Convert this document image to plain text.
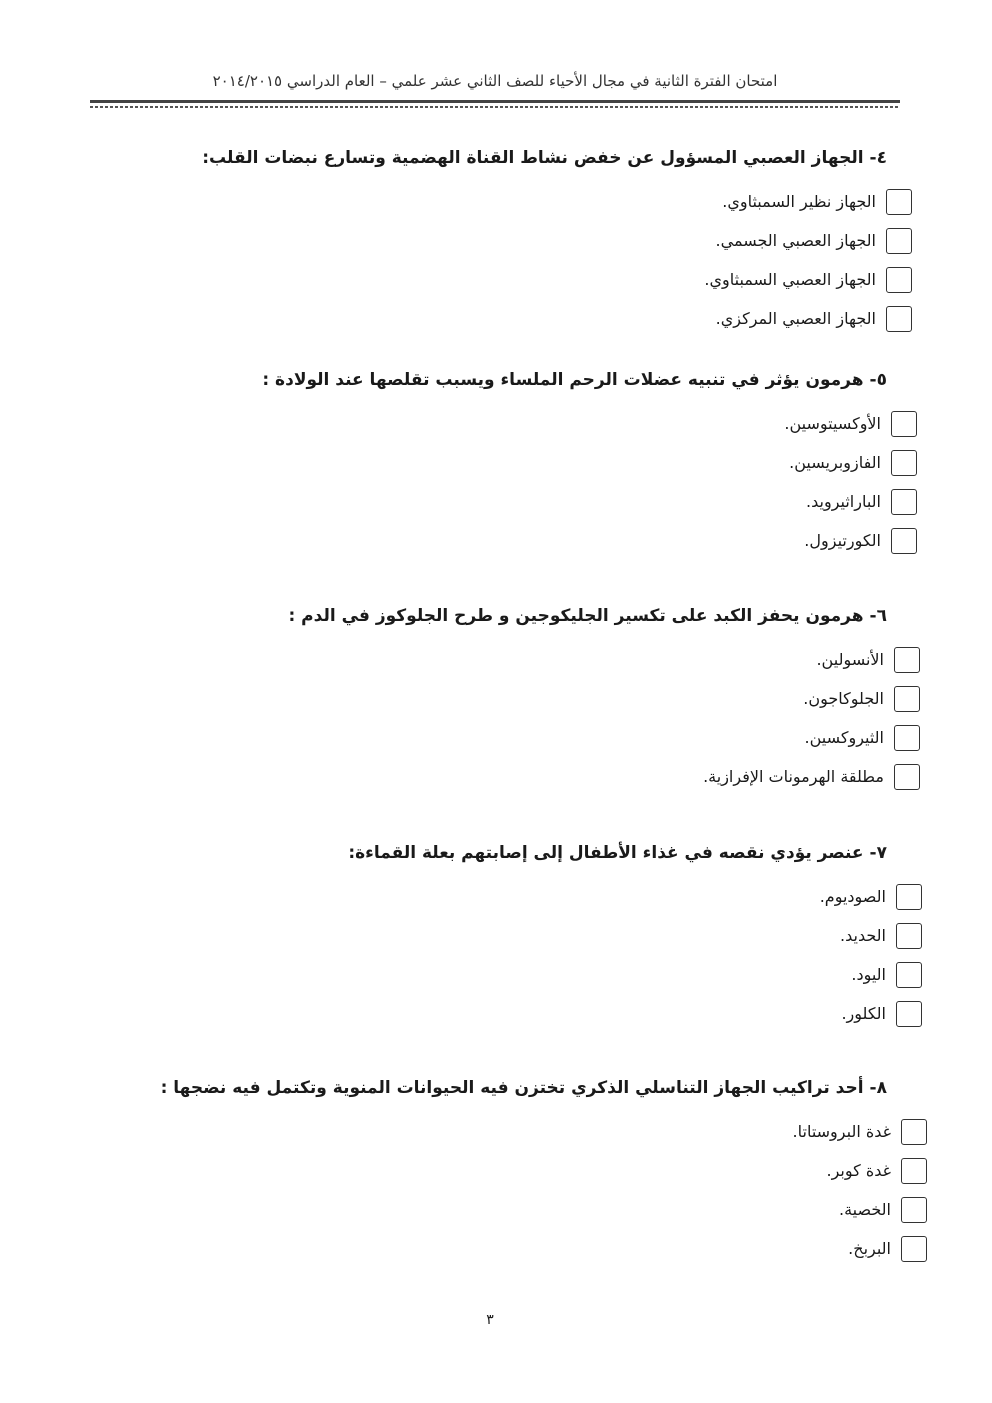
امتحان الفترة الثانية في مجال الأحياء للصف الثاني عشر علمي – العام الدراسي ٢٠١٤/٢٠١٥
٤-الجهاز العصبي المسؤول عن خفض نشاط القناة الهضمية وتسارع نبضات القلب:
الجهاز نظير السمبثاوي.
الجهاز العصبي الجسمي.
الجهاز العصبي السمبثاوي.
الجهاز العصبي المركزي.
٥-هرمون يؤثر في تنبيه عضلات الرحم الملساء ويسبب تقلصها عند الولادة :
الأوكسيتوسين.
الفازوبريسين.
الباراثيرويد.
الكورتيزول.
٦-هرمون يحفز الكبد على تكسير الجليكوجين و طرح الجلوكوز في الدم :
الأنسولين.
الجلوكاجون.
الثيروكسين.
مطلقة الهرمونات الإفرازية.
٧-عنصر يؤدي نقصه في غذاء الأطفال إلى إصابتهم بعلة القماءة:
الصوديوم.
الحديد.
اليود.
الكلور.
٨-أحد تراكيب الجهاز التناسلي الذكري تختزن فيه الحيوانات المنوية وتكتمل فيه نضجها :
غدة البروستاتا.
غدة كوبر.
الخصية.
البربخ.
٣
